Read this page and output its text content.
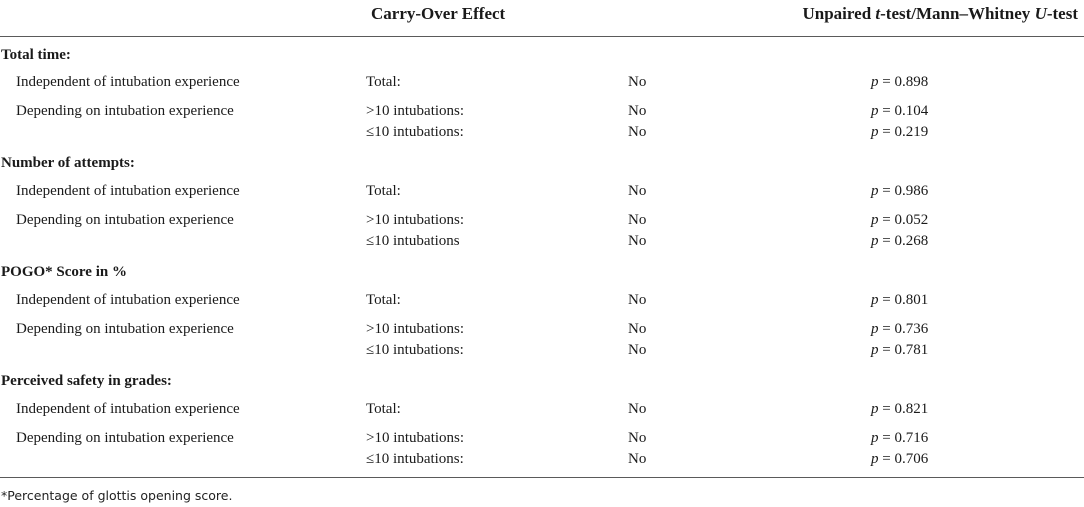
Carry-Over Effect	Unpaired t-test/Mann–Whitney U-test
Total time:
Independent of intubation experience	Total:	No	p = 0.898
Depending on intubation experience	>10 intubations:	No	p = 0.104
≤10 intubations:	No	p = 0.219
Number of attempts:
Independent of intubation experience	Total:	No	p = 0.986
Depending on intubation experience	>10 intubations:	No	p = 0.052
≤10 intubations	No	p = 0.268
POGO* Score in %
Independent of intubation experience	Total:	No	p = 0.801
Depending on intubation experience	>10 intubations:	No	p = 0.736
≤10 intubations:	No	p = 0.781
Perceived safety in grades:
Independent of intubation experience	Total:	No	p = 0.821
Depending on intubation experience	>10 intubations:	No	p = 0.716
≤10 intubations:	No	p = 0.706
*Percentage of glottis opening score.
